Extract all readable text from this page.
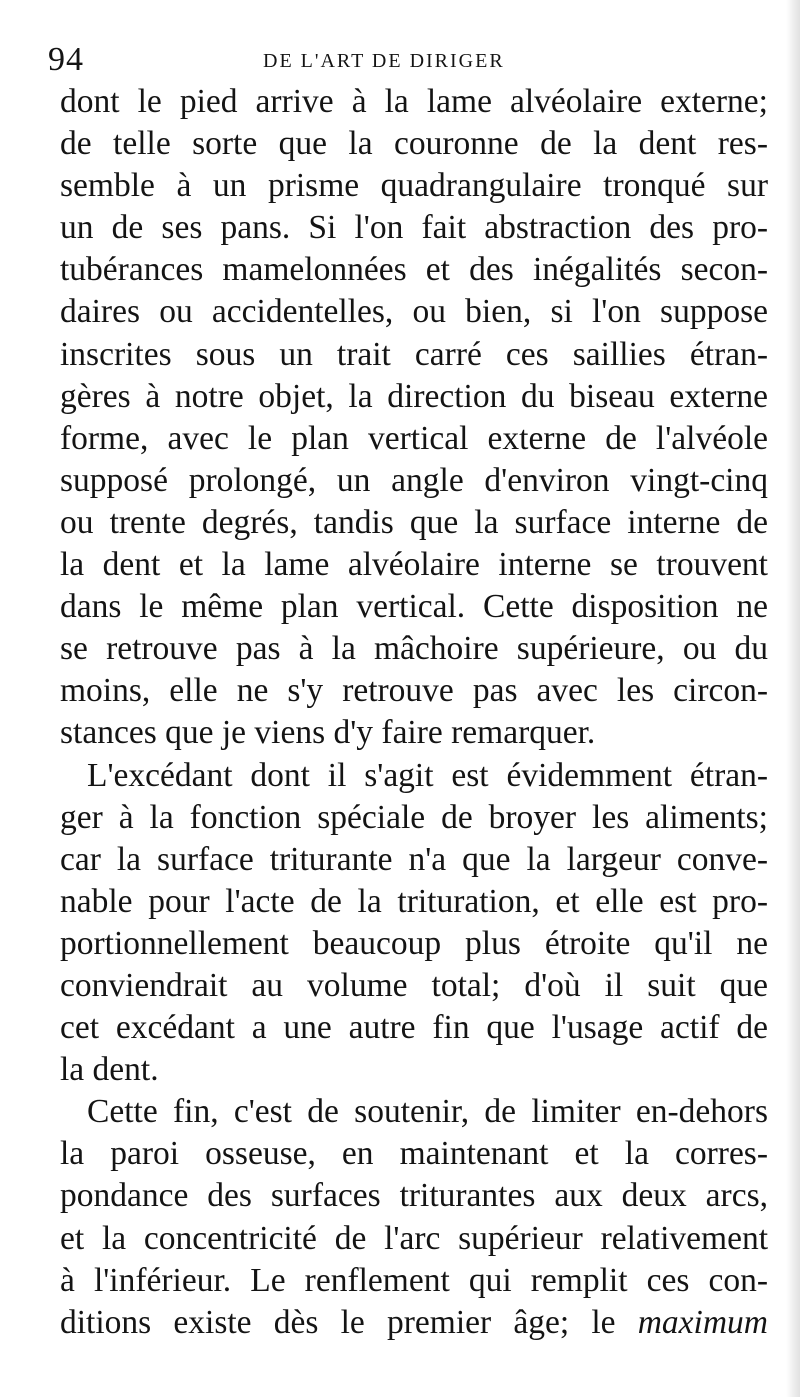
94	DE L'ART DE DIRIGER
dont le pied arrive à la lame alvéolaire externe;
de telle sorte que la couronne de la dent res-
semble à un prisme quadrangulaire tronqué sur
un de ses pans. Si l'on fait abstraction des pro-
tubérances mamelonnées et des inégalités secon-
daires ou accidentelles, ou bien, si l'on suppose
inscrites sous un trait carré ces saillies étran-
gères à notre objet, la direction du biseau externe
forme, avec le plan vertical externe de l'alvéole
supposé prolongé, un angle d'environ vingt-cinq
ou trente degrés, tandis que la surface interne de
la dent et la lame alvéolaire interne se trouvent
dans le même plan vertical. Cette disposition ne
se retrouve pas à la mâchoire supérieure, ou du
moins, elle ne s'y retrouve pas avec les circon-
stances que je viens d'y faire remarquer.
L'excédant dont il s'agit est évidemment étran-
ger à la fonction spéciale de broyer les aliments;
car la surface triturante n'a que la largeur conve-
nable pour l'acte de la trituration, et elle est pro-
portionnellement beaucoup plus étroite qu'il ne
conviendrait au volume total; d'où il suit que
cet excédant a une autre fin que l'usage actif de
la dent.
Cette fin, c'est de soutenir, de limiter en-dehors
la paroi osseuse, en maintenant et la corres-
pondance des surfaces triturantes aux deux arcs,
et la concentricité de l'arc supérieur relativement
à l'inférieur. Le renflement qui remplit ces con-
ditions existe dès le premier âge; le maximum
